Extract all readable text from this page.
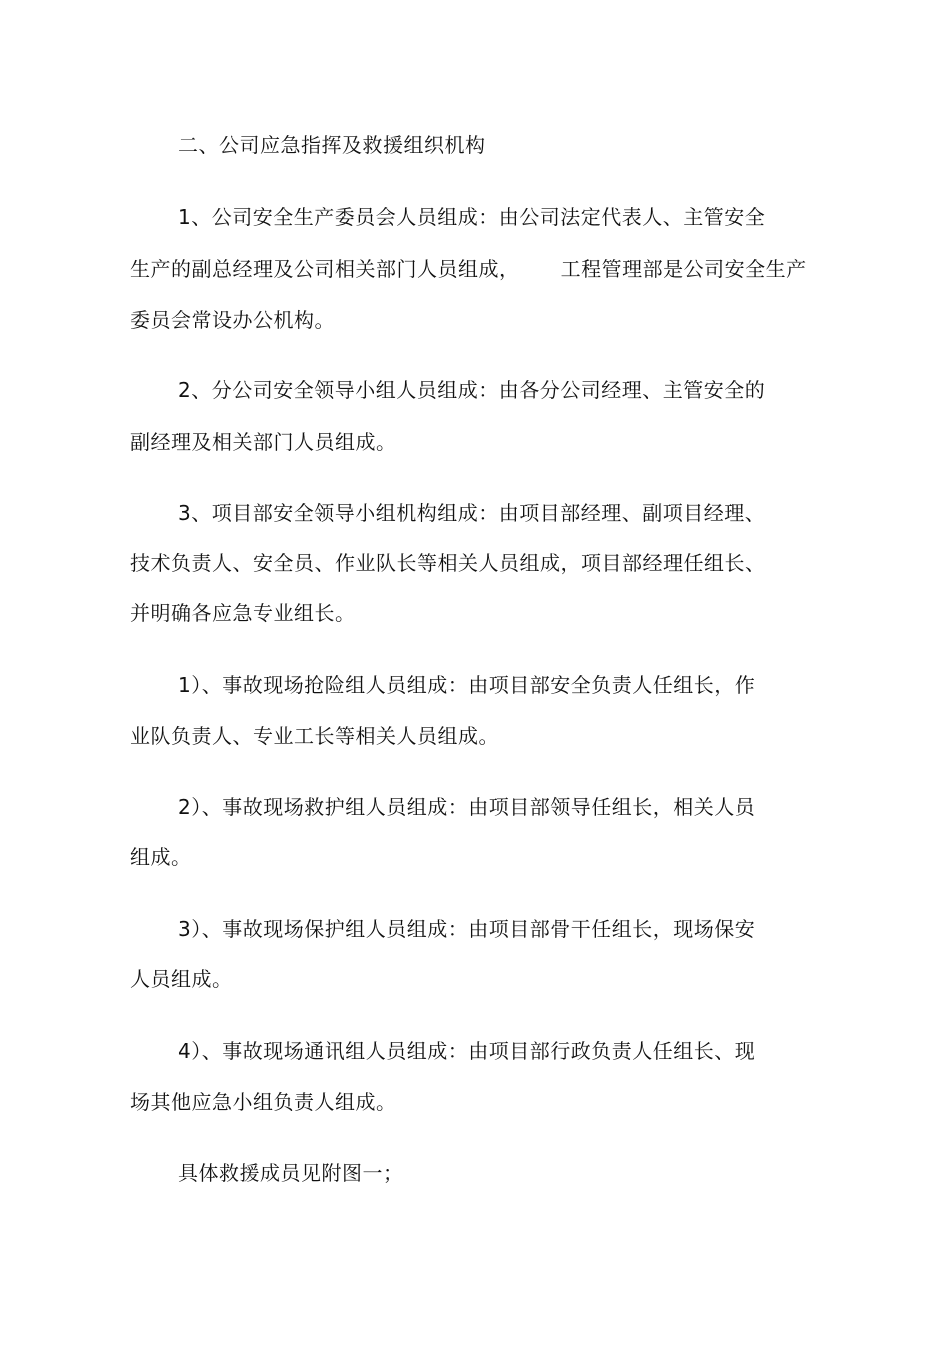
二、公司应急指挥及救援组织机构
1、公司安全生产委员会人员组成：由公司法定代表人、主管安全
生产的副总经理及公司相关部门人员组成，      工程管理部是公司安全生产
委员会常设办公机构。
2、分公司安全领导小组人员组成：由各分公司经理、主管安全的
副经理及相关部门人员组成。
3、项目部安全领导小组机构组成：由项目部经理、副项目经理、
技术负责人、安全员、作业队长等相关人员组成，项目部经理任组长、
并明确各应急专业组长。
1）、事故现场抢险组人员组成：由项目部安全负责人任组长，作
业队负责人、专业工长等相关人员组成。
2）、事故现场救护组人员组成：由项目部领导任组长，相关人员
组成。
3）、事故现场保护组人员组成：由项目部骨干任组长，现场保安
人员组成。
4）、事故现场通讯组人员组成：由项目部行政负责人任组长、现
场其他应急小组负责人组成。
具体救援成员见附图一；
